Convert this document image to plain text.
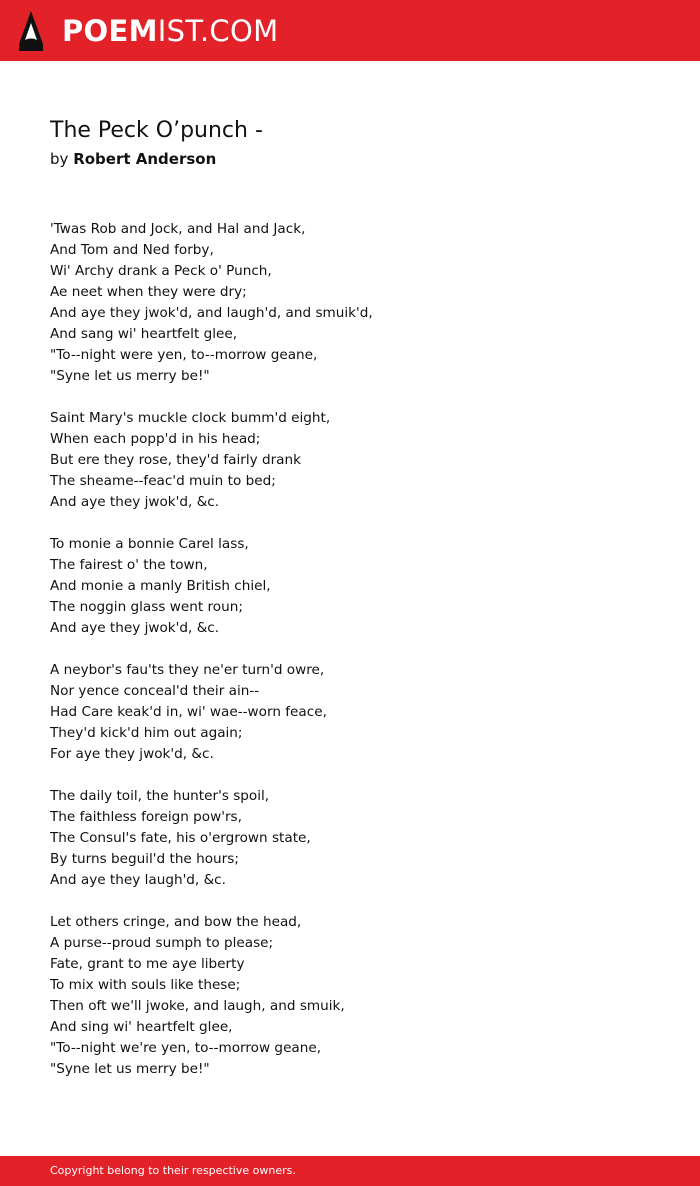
POEMIST.COM
The Peck O’punch -

by Robert Anderson

'Twas Rob and Jock, and Hal and Jack,
And Tom and Ned forby,
Wi' Archy drank a Peck o' Punch,
Ae neet when they were dry;
And aye they jwok'd, and laugh'd, and smuik'd,
And sang wi' heartfelt glee,
"To--night were yen, to--morrow geane,
"Syne let us merry be!"
Saint Mary's muckle clock bumm'd eight,
When each popp'd in his head;
But ere they rose, they'd fairly drank
The sheame--feac'd muin to bed;
And aye they jwok'd, &c.
To monie a bonnie Carel lass,
The fairest o' the town,
And monie a manly British chiel,
The noggin glass went roun;
And aye they jwok'd, &c.
A neybor's fau'ts they ne'er turn'd owre,
Nor yence conceal'd their ain--
Had Care keak'd in, wi' wae--worn feace,
They'd kick'd him out again;
For aye they jwok'd, &c.
The daily toil, the hunter's spoil,
The faithless foreign pow'rs,
The Consul's fate, his o'ergrown state,
By turns beguil'd the hours;
And aye they laugh'd, &c.
Let others cringe, and bow the head,
A purse--proud sumph to please;
Fate, grant to me aye liberty
To mix with souls like these;
Then oft we'll jwoke, and laugh, and smuik,
And sing wi' heartfelt glee,
"To--night we're yen, to--morrow geane,
"Syne let us merry be!"
Copyright belong to their respective owners.
